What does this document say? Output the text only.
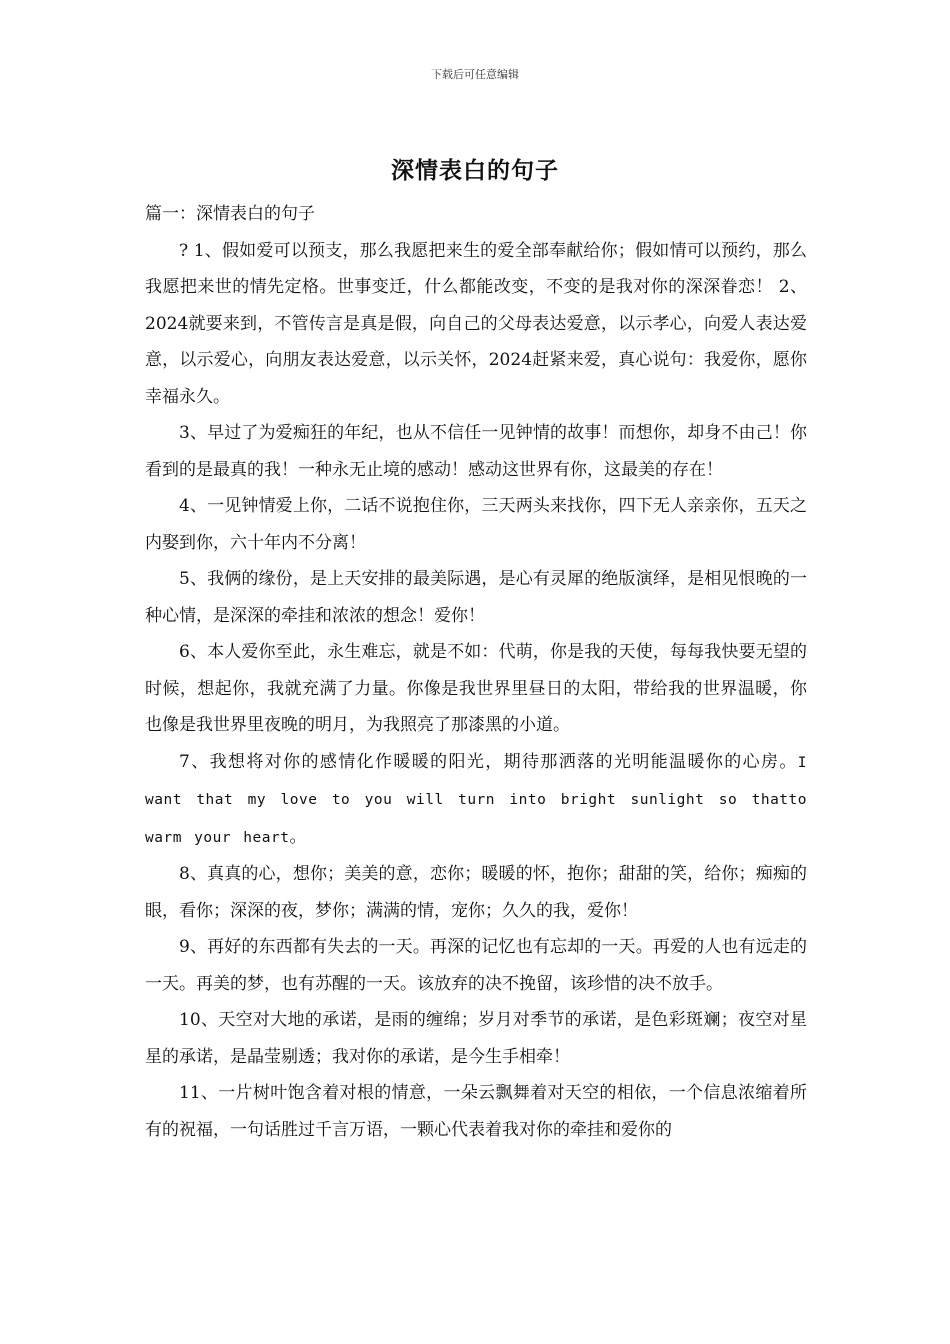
下载后可任意编辑
深情表白的句子

篇一：深情表白的句子

? 1、假如爱可以预支，那么我愿把来生的爱全部奉献给你；假如情可以预约，那么我愿把来世的情先定格。世事变迁，什么都能改变，不变的是我对你的深深眷恋！ 2、2024就要来到，不管传言是真是假，向自己的父母表达爱意，以示孝心，向爱人表达爱意，以示爱心，向朋友表达爱意，以示关怀，2024赶紧来爱，真心说句：我爱你，愿你幸福永久。

3、早过了为爱痴狂的年纪，也从不信任一见钟情的故事！而想你，却身不由己！你看到的是最真的我！一种永无止境的感动！感动这世界有你，这最美的存在！

4、一见钟情爱上你，二话不说抱住你，三天两头来找你，四下无人亲亲你，五天之内娶到你，六十年内不分离！

5、我俩的缘份，是上天安排的最美际遇，是心有灵犀的绝版演绎，是相见恨晚的一种心情，是深深的牵挂和浓浓的想念！爱你！

6、本人爱你至此，永生难忘，就是不如：代萌，你是我的天使，每每我快要无望的时候，想起你，我就充满了力量。你像是我世界里昼日的太阳，带给我的世界温暖，你也像是我世界里夜晚的明月，为我照亮了那漆黑的小道。

7、我想将对你的感情化作暖暖的阳光，期待那洒落的光明能温暖你的心房。I want that my love to you will turn into bright sunlight so thatto warm your heart。

8、真真的心，想你；美美的意，恋你；暖暖的怀，抱你；甜甜的笑，给你；痴痴的眼，看你；深深的夜，梦你；满满的情，宠你；久久的我，爱你！

9、再好的东西都有失去的一天。再深的记忆也有忘却的一天。再爱的人也有远走的一天。再美的梦，也有苏醒的一天。该放弃的决不挽留，该珍惜的决不放手。

10、天空对大地的承诺，是雨的缠绵；岁月对季节的承诺，是色彩斑斓；夜空对星星的承诺，是晶莹剔透；我对你的承诺，是今生手相牵！

11、一片树叶饱含着对根的情意，一朵云飘舞着对天空的相依，一个信息浓缩着所有的祝福，一句话胜过千言万语，一颗心代表着我对你的牵挂和爱你的
